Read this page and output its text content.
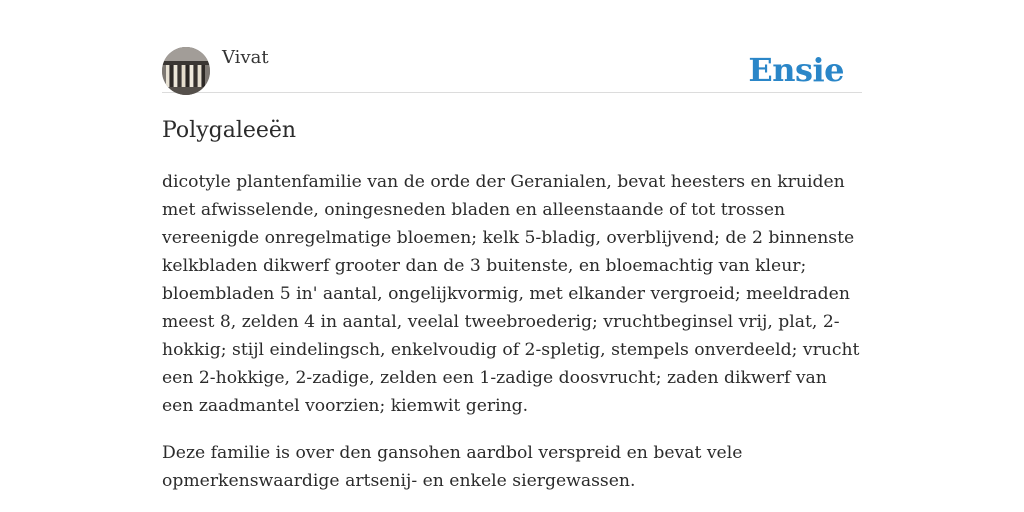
Vivat	Ensie
Polygaleeën

dicotyle plantenfamilie van de orde der Geranialen, bevat heesters en kruiden met afwisselende, oningesneden bladen en alleenstaande of tot trossen vereenigde onregelmatige bloemen; kelk 5-bladig, overblijvend; de 2 binnenste kelkbladen dikwerf grooter dan de 3 buitenste, en bloemachtig van kleur; bloembladen 5 in' aantal, ongelijkvormig, met elkander vergroeid; meeldraden meest 8, zelden 4 in aantal, veelal tweebroederig; vruchtbeginsel vrij, plat, 2-hokkig; stijl eindelingsch, enkelvoudig of 2-spletig, stempels onverdeeld; vrucht een 2-hokkige, 2-zadige, zelden een 1-zadige doosvrucht; zaden dikwerf van een zaadmantel voorzien; kiemwit gering.

Deze familie is over den gansohen aardbol verspreid en bevat vele opmerkenswaardige artsenij- en enkele siergewassen.
